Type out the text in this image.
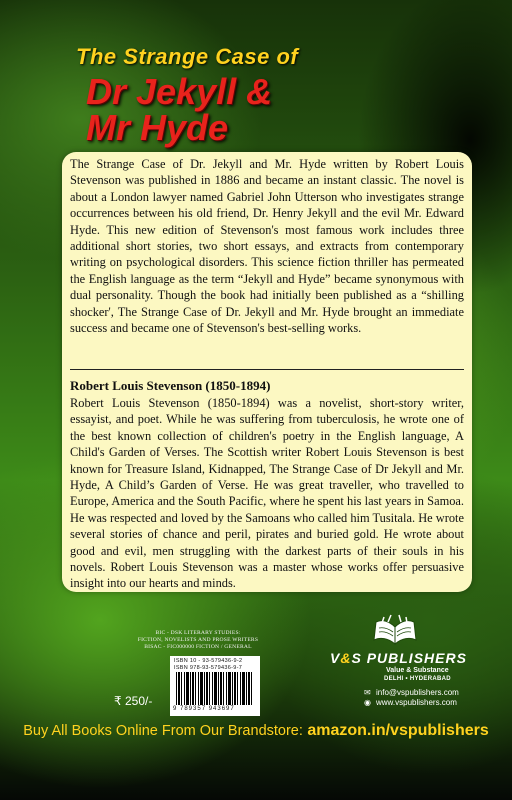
The Strange Case of
Dr Jekyll &
Mr Hyde

The Strange Case of Dr. Jekyll and Mr. Hyde written by Robert Louis Stevenson was published in 1886 and became an instant classic. The novel is about a London lawyer named Gabriel John Utterson who investigates strange occurrences between his old friend, Dr. Henry Jekyll and the evil Mr. Edward Hyde. This new edition of Stevenson's most famous work includes three additional short stories, two short essays, and extracts from contemporary writing on psychological disorders. This science fiction thriller has permeated the English language as the term “Jekyll and Hyde” became synonymous with dual personality. Though the book had initially been published as a “shilling shocker', The Strange Case of Dr. Jekyll and Mr. Hyde brought an immediate success and became one of Stevenson's best-selling works.

Robert Louis Stevenson (1850-1894)

Robert Louis Stevenson (1850-1894) was a novelist, short-story writer, essayist, and poet. While he was suffering from tuberculosis, he wrote one of the best known collection of children's poetry in the English language, A Child's Garden of Verses. The Scottish writer Robert Louis Stevenson is best known for Treasure Island, Kidnapped, The Strange Case of Dr Jekyll and Mr. Hyde, A Child’s Garden of Verse. He was great traveller, who travelled to Europe, America and the South Pacific, where he spent his last years in Samoa. He was respected and loved by the Samoans who called him Tusitala. He wrote several stories of chance and peril, pirates and buried gold. He wrote about good and evil, men struggling with the darkest parts of their souls in his novels. Robert Louis Stevenson was a master whose works offer persuasive insight into our hearts and minds.

BIC - DSK LITERARY STUDIES:
FICTION, NOVELISTS AND PROSE WRITERS
BISAC - FIC000000 FICTION / GENERAL

ISBN 10 - 93-579436-9-2

ISBN 978-93-579436-9-7

9 789357 943697

₹ 250/-

V&S PUBLISHERS

Value & Substance

DELHI • HYDERABAD

✉ info@vspublishers.com

◉ www.vspublishers.com

Buy All Books Online From Our Brandstore: amazon.in/vspublishers
